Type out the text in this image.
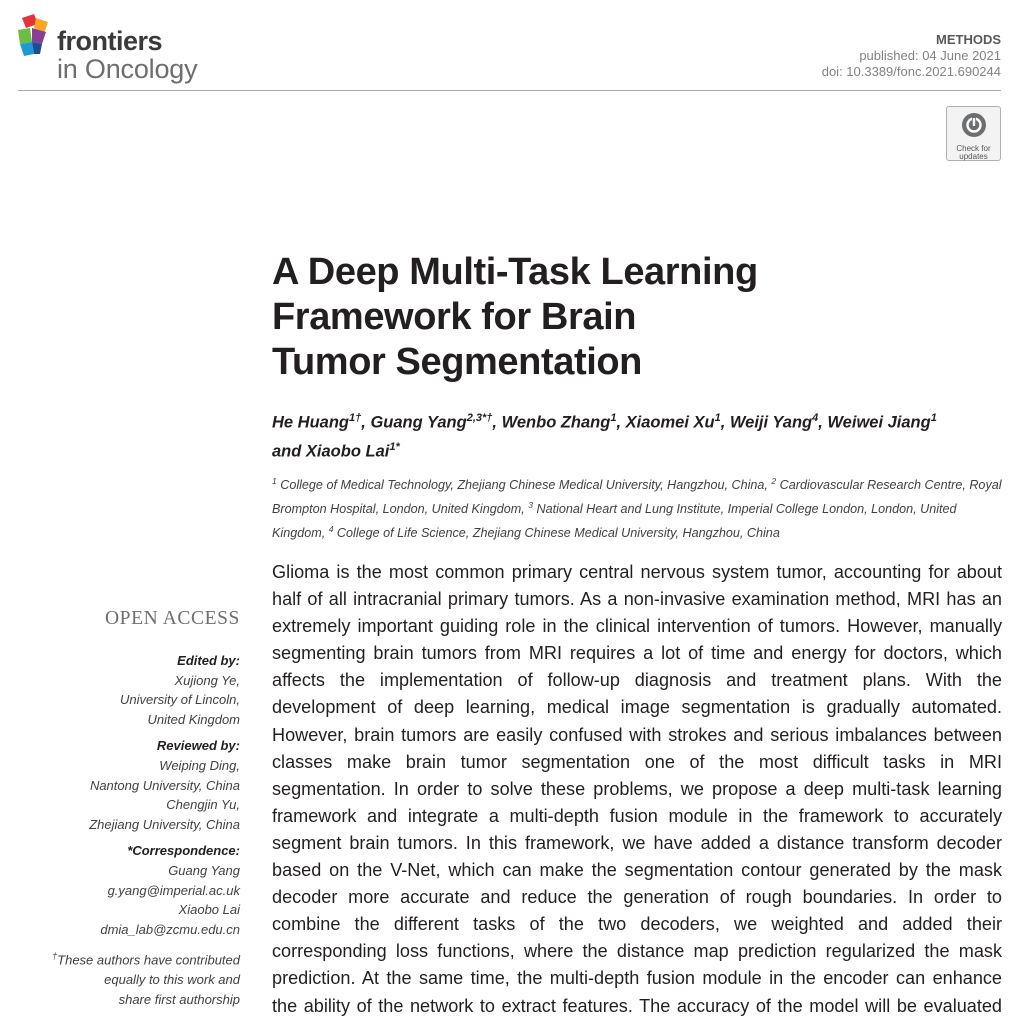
frontiers
in Oncology
METHODS
published: 04 June 2021
doi: 10.3389/fonc.2021.690244
Check for
updates
A Deep Multi-Task Learning
Framework for Brain
Tumor Segmentation
He Huang$^{1\dagger}$, Guang Yang$^{2,3*\dagger}$, Wenbo Zhang$^1$, Xiaomei Xu$^1$, Weiji Yang$^4$, Weiwei Jiang$^1$
and Xiaobo Lai$^{1*}$
$^1$ College of Medical Technology, Zhejiang Chinese Medical University, Hangzhou, China, $^2$ Cardiovascular Research Centre, Royal Brompton Hospital, London, United Kingdom, $^3$ National Heart and Lung Institute, Imperial College London, London, United Kingdom, $^4$ College of Life Science, Zhejiang Chinese Medical University, Hangzhou, China
OPEN ACCESS
Edited by:
Xujiong Ye,
University of Lincoln,
United Kingdom
Reviewed by:
Weiping Ding,
Nantong University, China
Chengjin Yu,
Zhejiang University, China
*Correspondence:
Guang Yang
g.yang@imperial.ac.uk
Xiaobo Lai
dmia_lab@zcmu.edu.cn
†These authors have contributed
equally to this work and
share first authorship
Glioma is the most common primary central nervous system tumor, accounting for about
half of all intracranial primary tumors. As a non-invasive examination method, MRI has an
extremely important guiding role in the clinical intervention of tumors. However, manually
segmenting brain tumors from MRI requires a lot of time and energy for doctors, which
affects the implementation of follow-up diagnosis and treatment plans. With the
development of deep learning, medical image segmentation is gradually automated.
However, brain tumors are easily confused with strokes and serious imbalances between
classes make brain tumor segmentation one of the most difficult tasks in MRI
segmentation. In order to solve these problems, we propose a deep multi-task learning
framework and integrate a multi-depth fusion module in the framework to accurately
segment brain tumors. In this framework, we have added a distance transform decoder
based on the V-Net, which can make the segmentation contour generated by the mask
decoder more accurate and reduce the generation of rough boundaries. In order to
combine the different tasks of the two decoders, we weighted and added their
corresponding loss functions, where the distance map prediction regularized the mask
prediction. At the same time, the multi-depth fusion module in the encoder can enhance
the ability of the network to extract features. The accuracy of the model will be evaluated
